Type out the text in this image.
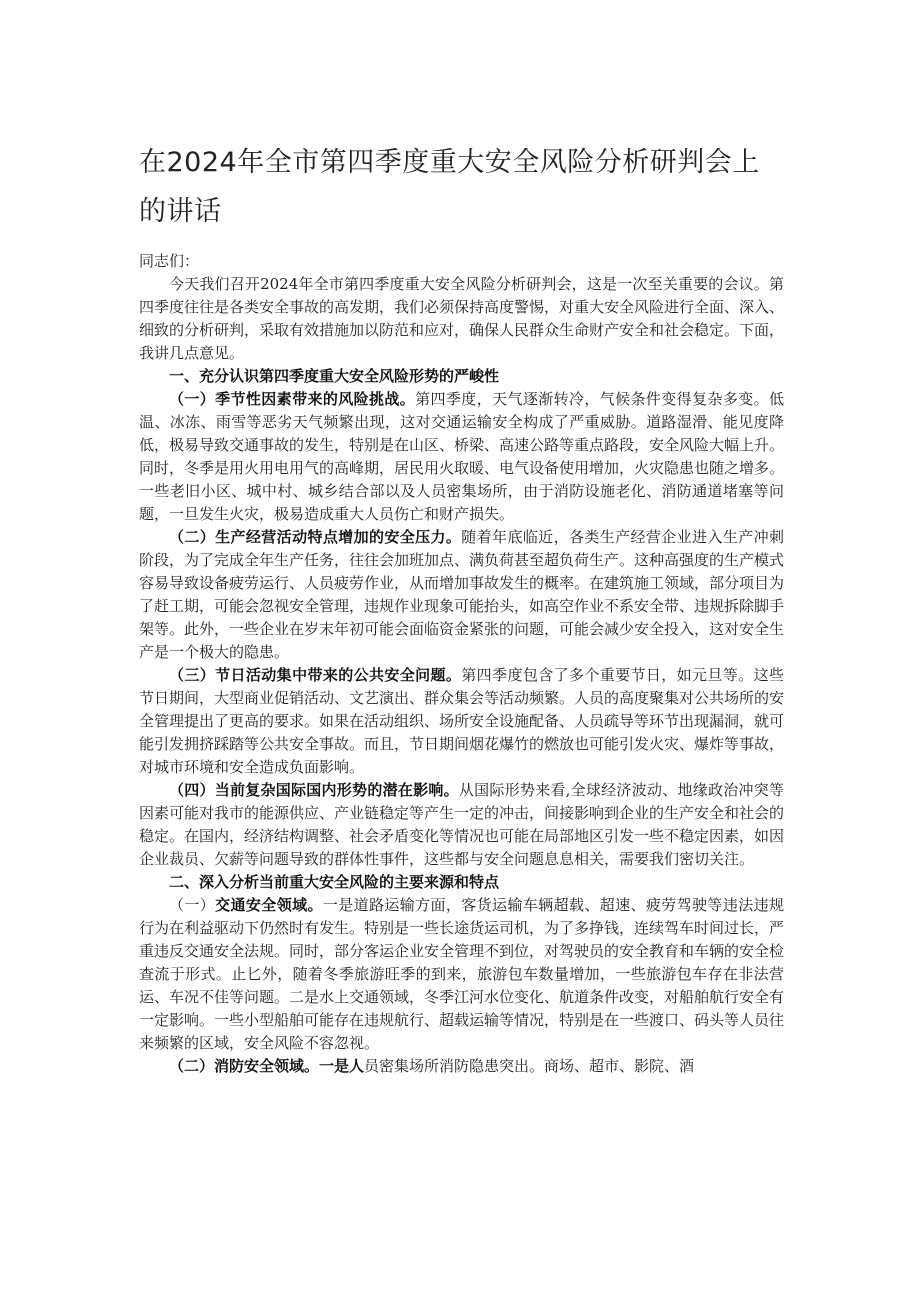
在2024年全市第四季度重大安全风险分析研判会上
的讲话

同志们：

今天我们召开2024年全市第四季度重大安全风险分析研判会，这是一次至关重要的会议。第四季度往往是各类安全事故的高发期，我们必须保持高度警惕，对重大安全风险进行全面、深入、细致的分析研判，采取有效措施加以防范和应对，确保人民群众生命财产安全和社会稳定。下面，我讲几点意见。

一、充分认识第四季度重大安全风险形势的严峻性

（一）季节性因素带来的风险挑战。第四季度，天气逐渐转冷，气候条件变得复杂多变。低温、冰冻、雨雪等恶劣天气频繁出现，这对交通运输安全构成了严重威胁。道路湿滑、能见度降低，极易导致交通事故的发生，特别是在山区、桥梁、高速公路等重点路段，安全风险大幅上升。同时，冬季是用火用电用气的高峰期，居民用火取暖、电气设备使用增加，火灾隐患也随之增多。一些老旧小区、城中村、城乡结合部以及人员密集场所，由于消防设施老化、消防通道堵塞等问题，一旦发生火灾，极易造成重大人员伤亡和财产损失。

（二）生产经营活动特点增加的安全压力。随着年底临近，各类生产经营企业进入生产冲刺阶段，为了完成全年生产任务，往往会加班加点、满负荷甚至超负荷生产。这种高强度的生产模式容易导致设备疲劳运行、人员疲劳作业，从而增加事故发生的概率。在建筑施工领域，部分项目为了赶工期，可能会忽视安全管理，违规作业现象可能抬头，如高空作业不系安全带、违规拆除脚手架等。此外，一些企业在岁末年初可能会面临资金紧张的问题，可能会减少安全投入，这对安全生产是一个极大的隐患。

（三）节日活动集中带来的公共安全问题。第四季度包含了多个重要节日，如元旦等。这些节日期间，大型商业促销活动、文艺演出、群众集会等活动频繁。人员的高度聚集对公共场所的安全管理提出了更高的要求。如果在活动组织、场所安全设施配备、人员疏导等环节出现漏洞，就可能引发拥挤踩踏等公共安全事故。而且，节日期间烟花爆竹的燃放也可能引发火灾、爆炸等事故，对城市环境和安全造成负面影响。

（四）当前复杂国际国内形势的潜在影响。从国际形势来看,全球经济波动、地缘政治冲突等因素可能对我市的能源供应、产业链稳定等产生一定的冲击，间接影响到企业的生产安全和社会的稳定。在国内，经济结构调整、社会矛盾变化等情况也可能在局部地区引发一些不稳定因素，如因企业裁员、欠薪等问题导致的群体性事件，这些都与安全问题息息相关，需要我们密切关注。

二、深入分析当前重大安全风险的主要来源和特点

（一）交通安全领域。一是道路运输方面，客货运输车辆超载、超速、疲劳驾驶等违法违规行为在利益驱动下仍然时有发生。特别是一些长途货运司机，为了多挣钱，连续驾车时间过长，严重违反交通安全法规。同时，部分客运企业安全管理不到位，对驾驶员的安全教育和车辆的安全检查流于形式。止匕外，随着冬季旅游旺季的到来，旅游包车数量增加，一些旅游包车存在非法营运、车况不佳等问题。二是水上交通领域，冬季江河水位变化、航道条件改变，对船舶航行安全有一定影响。一些小型船舶可能存在违规航行、超载运输等情况，特别是在一些渡口、码头等人员往来频繁的区域，安全风险不容忽视。

（二）消防安全领域。一是人员密集场所消防隐患突出。商场、超市、影院、酒
